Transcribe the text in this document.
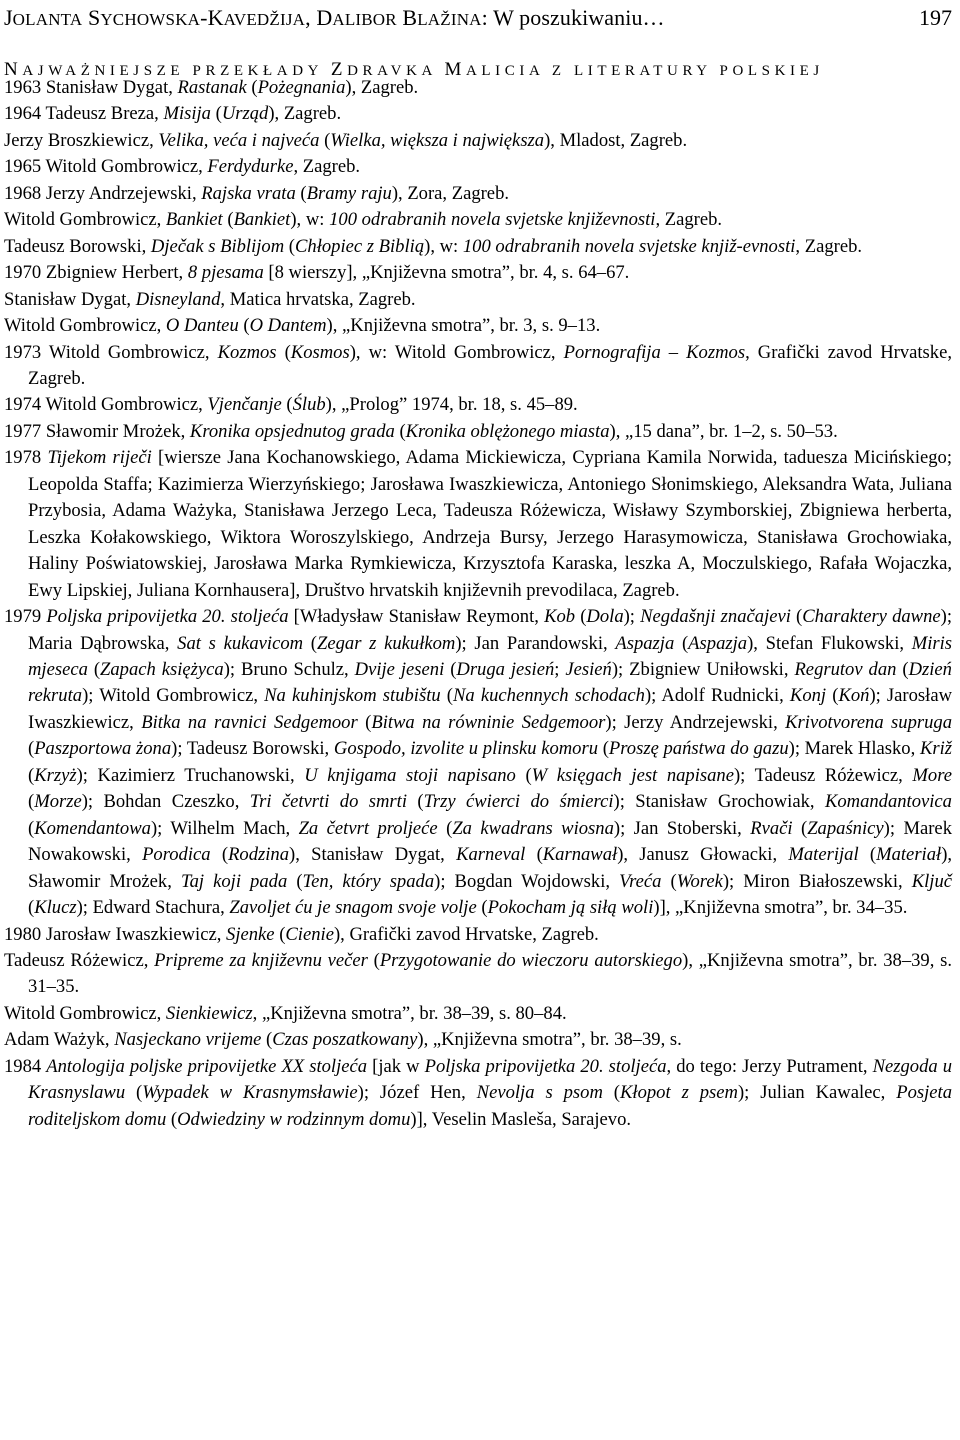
JOLANTA SYCHOWSKA-KAVEDŽIJA, DALIBOR BLAŽINA: W poszukiwaniu…	197
NAJWAŻNIEJSZE PRZEKŁADY ZDRAVKA MALICIA Z LITERATURY POLSKIEJ

1963 Stanisław Dygat, Rastanak (Pożegnania), Zagreb.

1964 Tadeusz Breza, Misija (Urząd), Zagreb.

Jerzy Broszkiewicz, Velika, veća i najveća (Wielka, większa i największa), Mladost, Zagreb.

1965 Witold Gombrowicz, Ferdydurke, Zagreb.

1968 Jerzy Andrzejewski, Rajska vrata (Bramy raju), Zora, Zagreb.

Witold Gombrowicz, Bankiet (Bankiet), w: 100 odrabranih novela svjetske književnosti, Zagreb.

Tadeusz Borowski, Dječak s Biblijom (Chłopiec z Biblią), w: 100 odrabranih novela svjetske knjiž-evnosti, Zagreb.

1970 Zbigniew Herbert, 8 pjesama [8 wierszy], „Književna smotra”, br. 4, s. 64–67.

Stanisław Dygat, Disneyland, Matica hrvatska, Zagreb.

Witold Gombrowicz, O Danteu (O Dantem), „Književna smotra”, br. 3, s. 9–13.

1973 Witold Gombrowicz, Kozmos (Kosmos), w: Witold Gombrowicz, Pornografija – Kozmos, Grafički zavod Hrvatske, Zagreb.

1974 Witold Gombrowicz, Vjenčanje (Ślub), „Prolog” 1974, br. 18, s. 45–89.

1977 Sławomir Mrożek, Kronika opsjednutog grada (Kronika oblężonego miasta), „15 dana”, br. 1–2, s. 50–53.

1978 Tijekom riječi [wiersze Jana Kochanowskiego, Adama Mickiewicza, Cypriana Kamila Norwida, taduesza Micińskiego; Leopolda Staffa; Kazimierza Wierzyńskiego; Jarosława Iwaszkiewicza, Antoniego Słonimskiego, Aleksandra Wata, Juliana Przybosia, Adama Ważyka, Stanisława Jerzego Leca, Tadeusza Różewicza, Wisławy Szymborskiej, Zbigniewa herberta, Leszka Kołakowskiego, Wiktora Woroszylskiego, Andrzeja Bursy, Jerzego Harasymowicza, Stanisława Grochowiaka, Haliny Poświatowskiej, Jarosława Marka Rymkiewicza, Krzysztofa Karaska, leszka A, Moczulskiego, Rafała Wojaczka, Ewy Lipskiej, Juliana Kornhausera], Društvo hrvatskih književnih prevodilaca, Zagreb.

1979 Poljska pripovijetka 20. stoljeća [Władysław Stanisław Reymont, Kob (Dola); Negdašnji značajevi (Charaktery dawne); Maria Dąbrowska, Sat s kukavicom (Zegar z kukułkom); Jan Parandowski, Aspazja (Aspazja), Stefan Flukowski, Miris mjeseca (Zapach księżyca); Bruno Schulz, Dvije jeseni (Druga jesień; Jesień); Zbigniew Uniłowski, Regrutov dan (Dzień rekruta); Witold Gombrowicz, Na kuhinjskom stubištu (Na kuchennych schodach); Adolf Rudnicki, Konj (Koń); Jarosław Iwaszkiewicz, Bitka na ravnici Sedgemoor (Bitwa na równinie Sedgemoor); Jerzy Andrzejewski, Krivotvorena supruga (Paszportowa żona); Tadeusz Borowski, Gospodo, izvolite u plinsku komoru (Proszę państwa do gazu); Marek Hlasko, Križ (Krzyż); Kazimierz Truchanowski, U knjigama stoji napisano (W księgach jest napisane); Tadeusz Różewicz, More (Morze); Bohdan Czeszko, Tri četvrti do smrti (Trzy ćwierci do śmierci); Stanisław Grochowiak, Komandantovica (Komendantowa); Wilhelm Mach, Za četvrt proljeće (Za kwadrans wiosna); Jan Stoberski, Rvači (Zapaśnicy); Marek Nowakowski, Porodica (Rodzina), Stanisław Dygat, Karneval (Karnawał), Janusz Głowacki, Materijal (Materiał), Sławomir Mrożek, Taj koji pada (Ten, który spada); Bogdan Wojdowski, Vreća (Worek); Miron Białoszewski, Ključ (Klucz); Edward Stachura, Zavoljet ću je snagom svoje volje (Pokocham ją siłą woli)], „Književna smotra”, br. 34–35.

1980 Jarosław Iwaszkiewicz, Sjenke (Cienie), Grafički zavod Hrvatske, Zagreb.

Tadeusz Różewicz, Pripreme za književnu večer (Przygotowanie do wieczoru autorskiego), „Književna smotra”, br. 38–39, s. 31–35.

Witold Gombrowicz, Sienkiewicz, „Književna smotra”, br. 38–39, s. 80–84.

Adam Ważyk, Nasjeckano vrijeme (Czas poszatkowany), „Književna smotra”, br. 38–39, s.

1984 Antologija poljske pripovijetke XX stoljeća [jak w Poljska pripovijetka 20. stoljeća, do tego: Jerzy Putrament, Nezgoda u Krasnyslawu (Wypadek w Krasnymsławie); Józef Hen, Nevolja s psom (Kłopot z psem); Julian Kawalec, Posjeta roditeljskom domu (Odwiedziny w rodzinnym domu)], Veselin Masleša, Sarajevo.
